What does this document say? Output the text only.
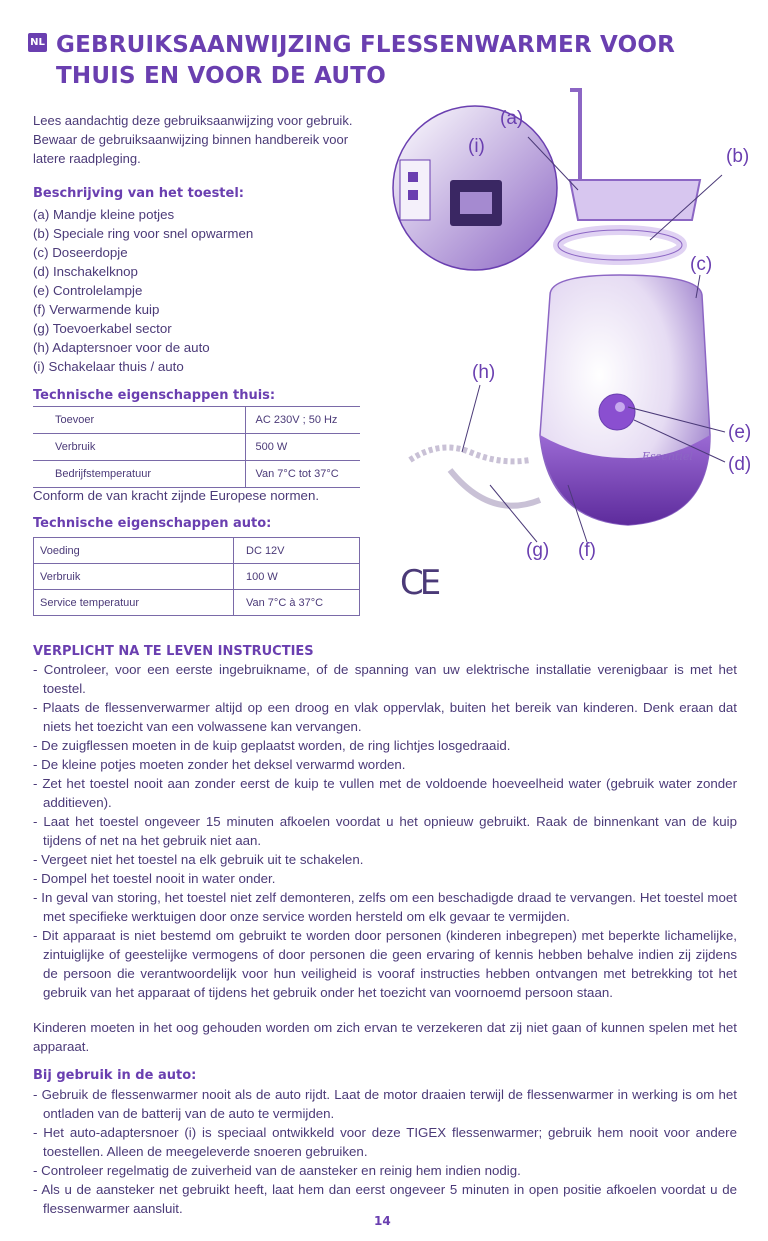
NL GEBRUIKSAANWIJZING FLESSENWARMER VOOR THUIS EN VOOR DE AUTO
Lees aandachtig deze gebruiksaanwijzing voor gebruik.
Bewaar de gebruiksaanwijzing binnen handbereik voor
latere raadpleging.
Beschrijving van het toestel:
(a) Mandje kleine potjes
(b) Speciale ring voor snel opwarmen
(c) Doseerdopje
(d) Inschakelknop
(e) Controlelampje
(f) Verwarmende kuip
(g) Toevoerkabel sector
(h) Adaptersnoer voor de auto
(i) Schakelaar thuis / auto
Technische eigenschappen thuis:
Toevoer	AC 230V ; 50 Hz
Verbruik	500 W
Bedrijfstemperatuur	Van 7°C tot 37°C
Conform de van kracht zijnde Europese normen.
Technische eigenschappen auto:
Voeding	DC 12V
Verbruik	100 W
Service temperatuur	Van 7°C à 37°C CE
Essentiel
(a)
(i)	(b)
(c)
(h)
(e)
(d)
(g) (f)
VERPLICHT NA TE LEVEN INSTRUCTIES
- Controleer, voor een eerste ingebruikname, of de spanning van uw elektrische installatie verenigbaar is met het toestel.
- Plaats de flessenverwarmer altijd op een droog en vlak oppervlak, buiten het bereik van kinderen. Denk eraan dat niets het toezicht van een volwassene kan vervangen.
- De zuigflessen moeten in de kuip geplaatst worden, de ring lichtjes losgedraaid.
- De kleine potjes moeten zonder het deksel verwarmd worden.
- Zet het toestel nooit aan zonder eerst de kuip te vullen met de voldoende hoeveelheid water (gebruik water zonder additieven).
- Laat het toestel ongeveer 15 minuten afkoelen voordat u het opnieuw gebruikt. Raak de binnenkant van de kuip tijdens of net na het gebruik niet aan.
- Vergeet niet het toestel na elk gebruik uit te schakelen.
- Dompel het toestel nooit in water onder.
- In geval van storing, het toestel niet zelf demonteren, zelfs om een beschadigde draad te vervangen. Het toestel moet met specifieke werktuigen door onze service worden hersteld om elk gevaar te vermijden.
- Dit apparaat is niet bestemd om gebruikt te worden door personen (kinderen inbegrepen) met beperkte lichamelijke, zintuiglijke of geestelijke vermogens of door personen die geen ervaring of kennis hebben behalve indien zij zijdens de persoon die verantwoordelijk voor hun veiligheid is vooraf instructies hebben ontvangen met betrekking tot het gebruik van het apparaat of tijdens het gebruik onder het toezicht van voornoemd persoon staan.

Kinderen moeten in het oog gehouden worden om zich ervan te verzekeren dat zij niet gaan of kunnen spelen met het apparaat.

Bij gebruik in de auto:
- Gebruik de flessenwarmer nooit als de auto rijdt. Laat de motor draaien terwijl de flessenwarmer in werking is om het ontladen van de batterij van de auto te vermijden.
- Het auto-adaptersnoer (i) is speciaal ontwikkeld voor deze TIGEX flessenwarmer; gebruik hem nooit voor andere toestellen. Alleen de meegeleverde snoeren gebruiken.
- Controleer regelmatig de zuiverheid van de aansteker en reinig hem indien nodig.
- Als u de aansteker net gebruikt heeft, laat hem dan eerst ongeveer 5 minuten in open positie afkoelen voordat u de flessenwarmer aansluit.
14
